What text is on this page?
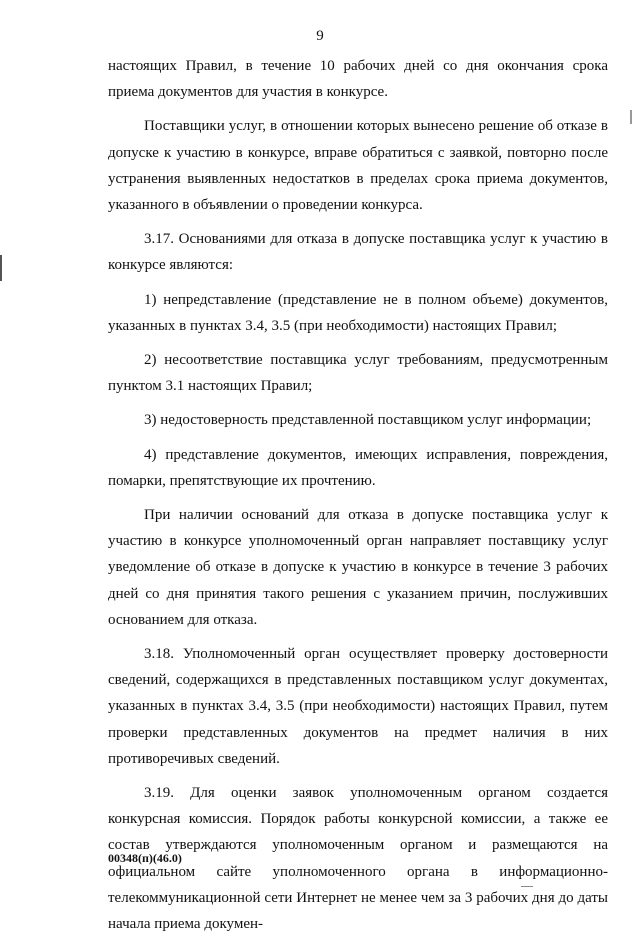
9

настоящих Правил, в течение 10 рабочих дней со дня окончания срока приема документов для участия в конкурсе.

Поставщики услуг, в отношении которых вынесено решение об отказе в допуске к участию в конкурсе, вправе обратиться с заявкой, повторно после устранения выявленных недостатков в пределах срока приема документов, указанного в объявлении о проведении конкурса.

3.17. Основаниями для отказа в допуске поставщика услуг к участию в конкурсе являются:

1) непредставление (представление не в полном объеме) документов, указанных в пунктах 3.4, 3.5 (при необходимости) настоящих Правил;

2) несоответствие поставщика услуг требованиям, предусмотренным пунктом 3.1 настоящих Правил;

3) недостоверность представленной поставщиком услуг информации;

4) представление документов, имеющих исправления, повреждения, помарки, препятствующие их прочтению.

При наличии оснований для отказа в допуске поставщика услуг к участию в конкурсе уполномоченный орган направляет поставщику услуг уведомление об отказе в допуске к участию в конкурсе в течение 3 рабочих дней со дня принятия такого решения с указанием причин, послуживших основанием для отказа.

3.18. Уполномоченный орган осуществляет проверку достоверности сведений, содержащихся в представленных поставщиком услуг документах, указанных в пунктах 3.4, 3.5 (при необходимости) настоящих Правил, путем проверки представленных документов на предмет наличия в них противоречивых сведений.

3.19. Для оценки заявок уполномоченным органом создается конкурсная комиссия. Порядок работы конкурсной комиссии, а также ее состав утверждаются уполномоченным органом и размещаются на официальном сайте уполномоченного органа в информационно-телекоммуникационной сети Интернет не менее чем за 3 рабочих дня до даты начала приема докумен-

00348(п)(46.0)
